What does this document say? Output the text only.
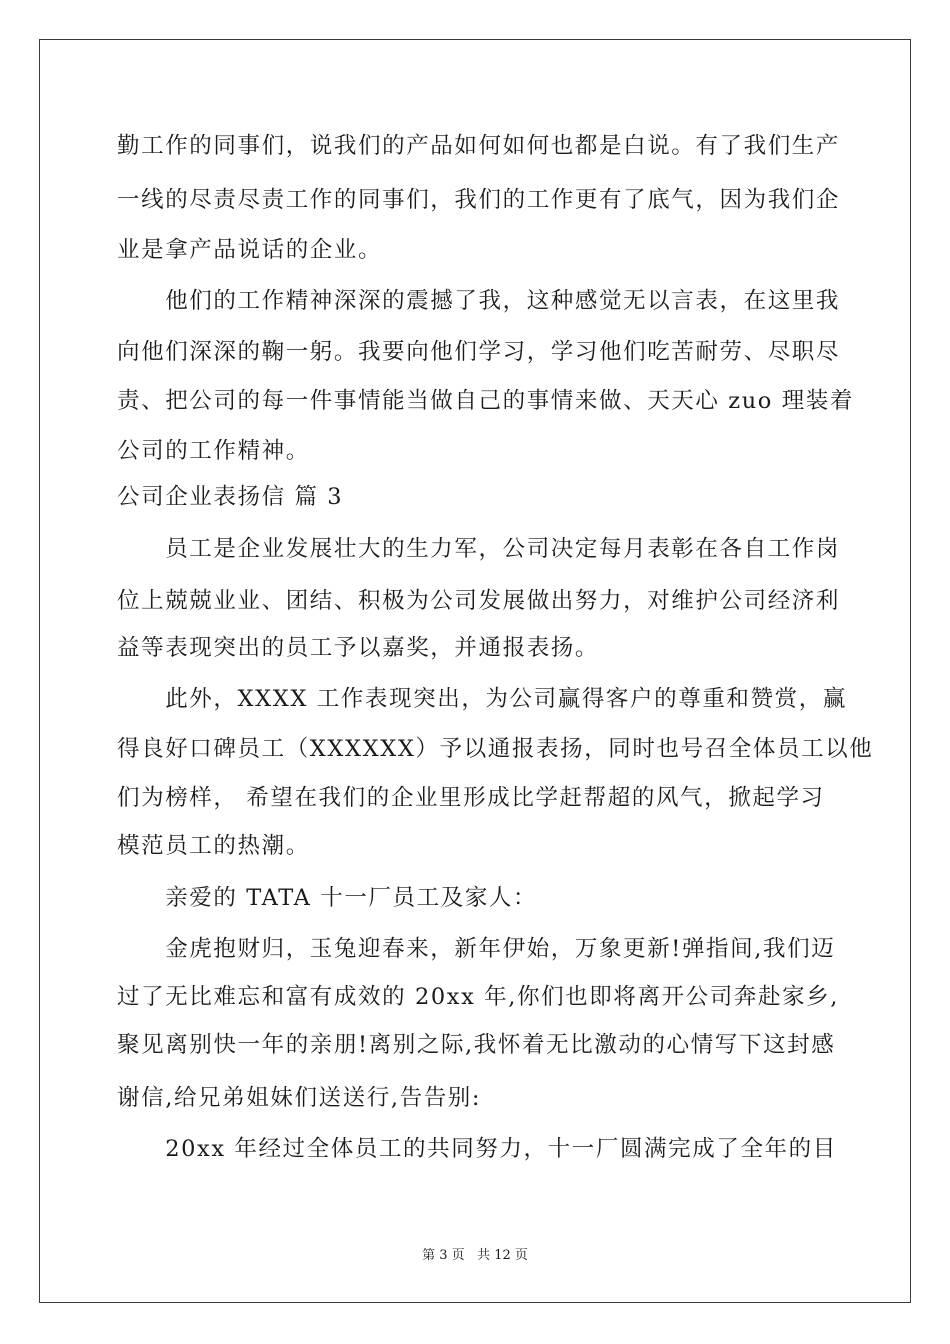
勤工作的同事们，说我们的产品如何如何也都是白说。有了我们生产
一线的尽责尽责工作的同事们，我们的工作更有了底气，因为我们企
业是拿产品说话的企业。
　　他们的工作精神深深的震撼了我，这种感觉无以言表，在这里我
向他们深深的鞠一躬。我要向他们学习，学习他们吃苦耐劳、尽职尽
责、把公司的每一件事情能当做自己的事情来做、天天心 zuo 理装着
公司的工作精神。
公司企业表扬信 篇 3
　　员工是企业发展壮大的生力军，公司决定每月表彰在各自工作岗
位上兢兢业业、团结、积极为公司发展做出努力，对维护公司经济利
益等表现突出的员工予以嘉奖，并通报表扬。
　　此外，XXXX 工作表现突出，为公司赢得客户的尊重和赞赏，赢
得良好口碑员工（XXXXXX）予以通报表扬，同时也号召全体员工以他
们为榜样， 希望在我们的企业里形成比学赶帮超的风气，掀起学习
模范员工的热潮。
　　亲爱的 TATA 十一厂员工及家人：
　　金虎抱财归，玉兔迎春来，新年伊始，万象更新!弹指间,我们迈
过了无比难忘和富有成效的 20xx 年,你们也即将离开公司奔赴家乡,
聚见离别快一年的亲朋!离别之际,我怀着无比激动的心情写下这封感
谢信,给兄弟姐妹们送送行,告告别:
　　20xx 年经过全体员工的共同努力，十一厂圆满完成了全年的目
第 3 页   共 12 页
